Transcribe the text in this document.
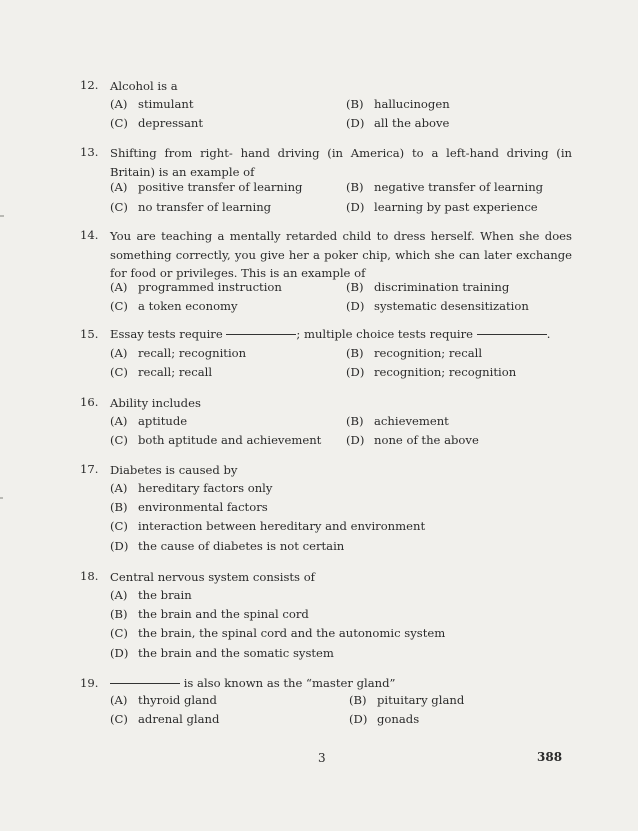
12. Alcohol is a
(A) stimulant	(B) hallucinogen
(C) depressant	(D) all the above
13. Shifting from right- hand driving (in America) to a left-hand driving (in Britain) is an example of
(A) positive transfer of learning	(B) negative transfer of learning
(C) no transfer of learning	(D) learning by past experience
14. You are teaching a mentally retarded child to dress herself. When she does something correctly, you give her a poker chip, which she can later exchange for food or privileges. This is an example of
(A) programmed instruction	(B) discrimination training
(C) a token economy	(D) systematic desensitization
15. Essay tests require	; multiple choice tests require	.
(A) recall; recognition	(B) recognition; recall
(C) recall; recall	(D) recognition; recognition
16. Ability includes
(A) aptitude	(B) achievement
(C) both aptitude and achievement (D) none of the above
17. Diabetes is caused by
(A) hereditary factors only
(B) environmental factors
(C) interaction between hereditary and environment
(D) the cause of diabetes is not certain
18. Central nervous system consists of
(A) the brain
(B) the brain and the spinal cord
(C) the brain, the spinal cord and the autonomic system
(D) the brain and the somatic system
19.	is also known as the “master gland”
(A) thyroid gland	(B) pituitary gland
(C) adrenal gland	(D) gonads
3	388
